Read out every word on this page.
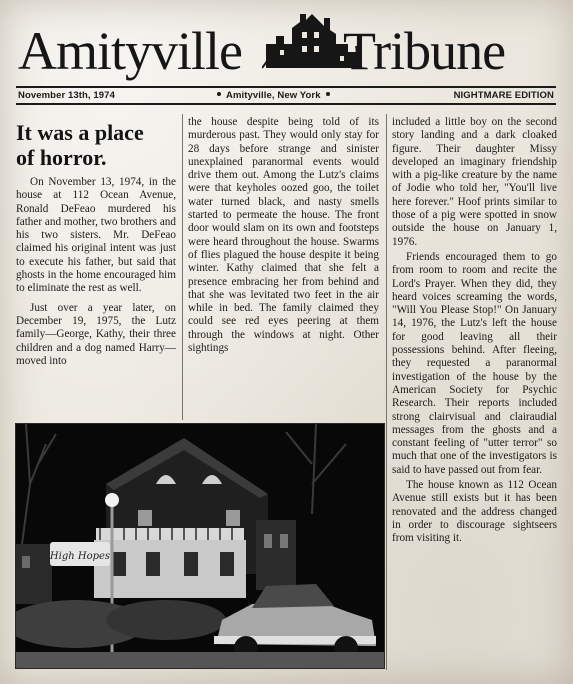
Amityville Tribune
November 13th, 1974	Amityville, New York	NIGHTMARE EDITION
It was a place
of horror.

On November 13, 1974, in the house at 112 Ocean Avenue, Ronald DeFeao murdered his father and mother, two brothers and his two sisters. Mr. DeFeao claimed his original intent was just to execute his father, but said that ghosts in the home encouraged him to eliminate the rest as well.

Just over a year later, on December 19, 1975, the Lutz family—George, Kathy, their three children and a dog named Harry—moved into

the house despite being told of its murderous past. They would only stay for 28 days before strange and sinister unexplained paranormal events would drive them out. Among the Lutz's claims were that keyholes oozed goo, the toilet water turned black, and nasty smells started to permeate the house. The front door would slam on its own and footsteps were heard throughout the house. Swarms of flies plagued the house despite it being winter. Kathy claimed that she felt a presence embracing her from behind and that she was levitated two feet in the air while in bed. The family claimed they could see red eyes peering at them through the windows at night. Other sightings

included a little boy on the second story landing and a dark cloaked figure. Their daughter Missy developed an imaginary friendship with a pig-like creature by the name of Jodie who told her, "You'll live here forever." Hoof prints similar to those of a pig were spotted in snow outside the house on January 1, 1976.

Friends encouraged them to go from room to room and recite the Lord's Prayer. When they did, they heard voices screaming the words, "Will You Please Stop!" On January 14, 1976, the Lutz's left the house for good leaving all their possessions behind. After fleeing, they requested a paranormal investigation of the house by the American Society for Psychic Research. Their reports included strong clairvisual and clairaudial messages from the ghosts and a constant feeling of "utter terror" so much that one of the investigators is said to have passed out from fear.

The house known as 112 Ocean Avenue still exists but it has been renovated and the address changed in order to discourage sightseers from visiting it.

High Hopes
